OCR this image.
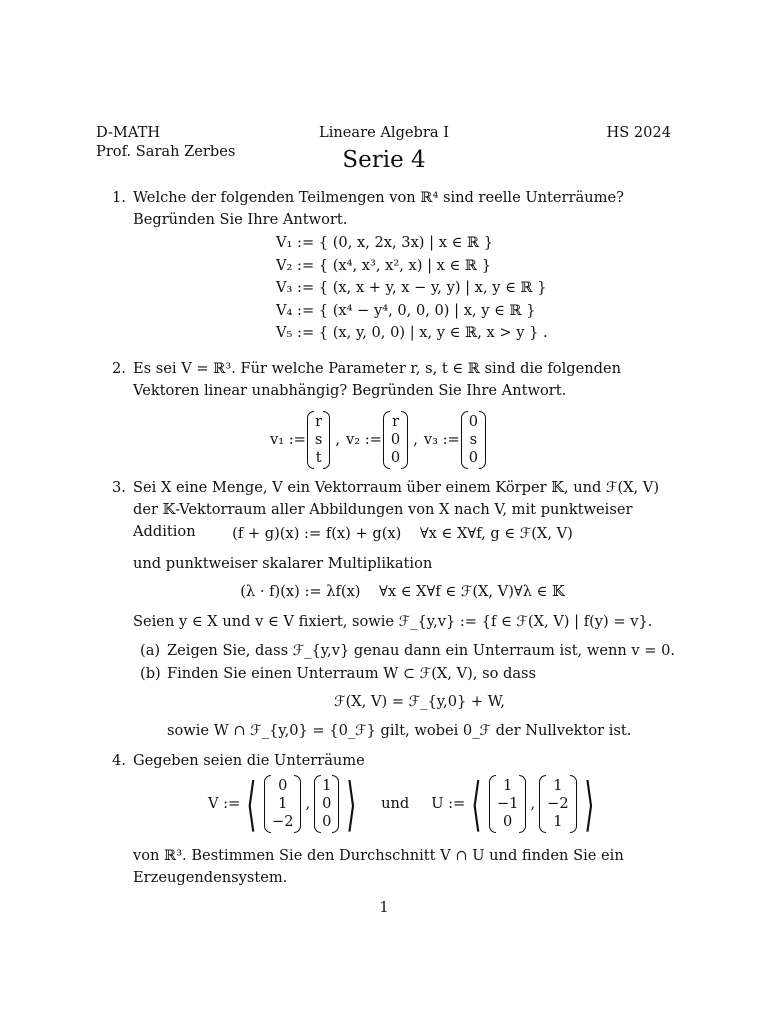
D-MATH
Prof. Sarah Zerbes
Lineare Algebra I	HS 2024
Serie 4
1. Welche der folgenden Teilmengen von ℝ⁴ sind reelle Unterräume? Begründen Sie Ihre Antwort.
V₁ := { (0, x, 2x, 3x) | x ∈ ℝ }
V₂ := { (x⁴, x³, x², x) | x ∈ ℝ }
V₃ := { (x, x + y, x − y, y) | x, y ∈ ℝ }
V₄ := { (x⁴ − y⁴, 0, 0, 0) | x, y ∈ ℝ }
V₅ := { (x, y, 0, 0) | x, y ∈ ℝ, x > y } .
2. Es sei V = ℝ³. Für welche Parameter r, s, t ∈ ℝ sind die folgenden Vektoren linear unabhängig? Begründen Sie Ihre Antwort.
v₁ :=
r
s
t
, v₂ :=
r
0
0
, v₃ :=
0
s
0
3. Sei X eine Menge, V ein Vektorraum über einem Körper 𝕂, und ℱ(X, V) der 𝕂-Vektorraum aller Abbildungen von X nach V, mit punktweiser Addition	(f + g)(x) := f(x) + g(x)    ∀x ∈ X∀f, g ∈ ℱ(X, V)
und punktweiser skalarer Multiplikation
(λ · f)(x) := λf(x)    ∀x ∈ X∀f ∈ ℱ(X, V)∀λ ∈ 𝕂
Seien y ∈ X und v ∈ V fixiert, sowie ℱ_{y,v} := {f ∈ ℱ(X, V) | f(y) = v}.
(a) Zeigen Sie, dass ℱ_{y,v} genau dann ein Unterraum ist, wenn v = 0.
(b) Finden Sie einen Unterraum W ⊂ ℱ(X, V), so dass
ℱ(X, V) = ℱ_{y,0} + W,
sowie W ∩ ℱ_{y,0} = {0_ℱ} gilt, wobei 0_ℱ der Nullvektor ist.
4. Gegeben seien die Unterräume
V := ⟨	0
1
−2
,
1
0
0 ⟩ und U := ⟨	1
−1
0
,
1
−2
1 ⟩
von ℝ³. Bestimmen Sie den Durchschnitt V ∩ U und finden Sie ein Erzeugendensystem.
1
